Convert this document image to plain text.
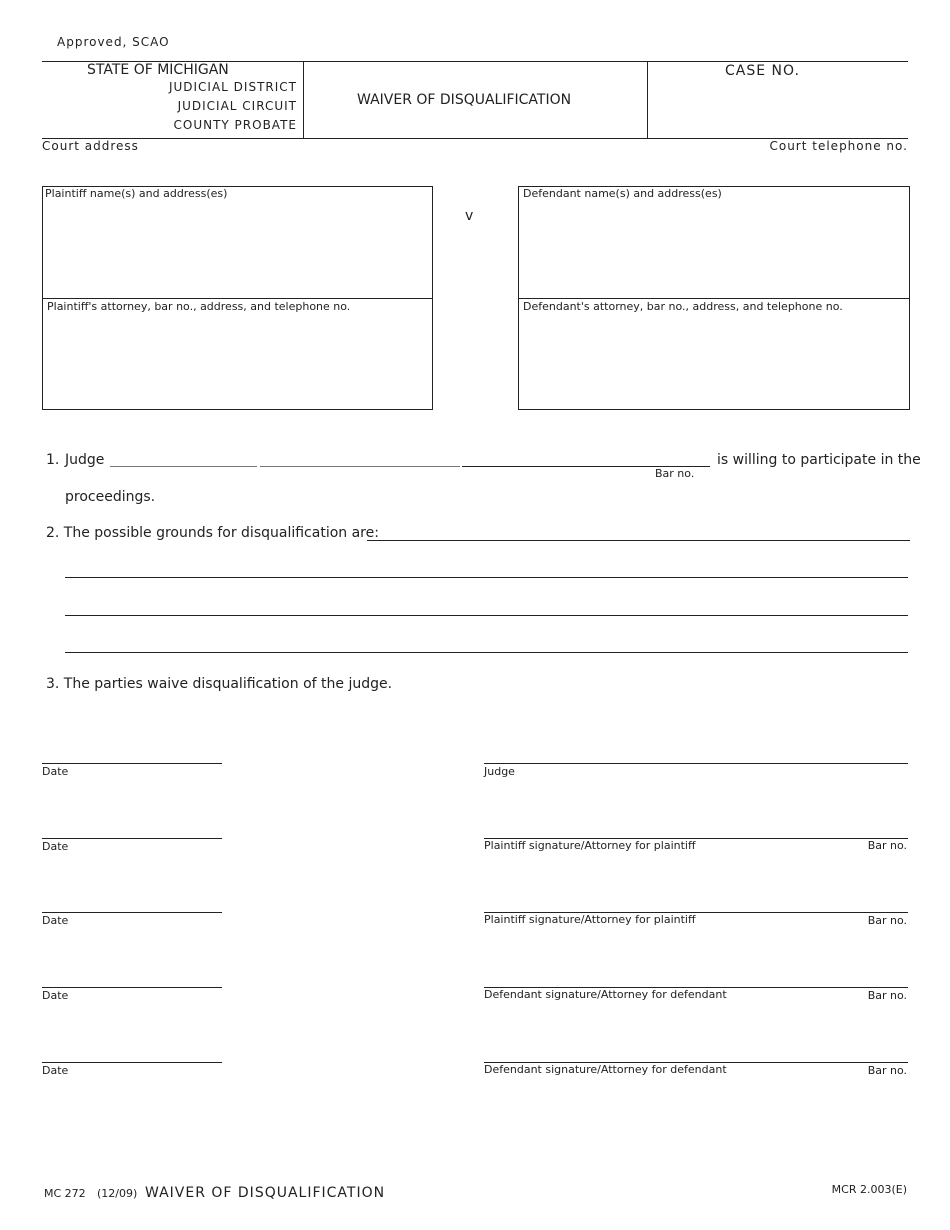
Approved, SCAO
STATE OF MICHIGAN
JUDICIAL DISTRICT
JUDICIAL CIRCUIT
COUNTY PROBATE
WAIVER OF DISQUALIFICATION
CASE NO.
Court address	Court telephone no.
Plaintiff name(s) and address(es)
Plaintiff's attorney, bar no., address, and telephone no.
v
Defendant name(s) and address(es)
Defendant's attorney, bar no., address, and telephone no.
1. Judge
Bar no.
is willing to participate in the
proceedings.
2. The possible grounds for disqualification are:
3. The parties waive disqualification of the judge.
Date	Judge
Date	Plaintiff signature/Attorney for plaintiff	Bar no.
Date	Plaintiff signature/Attorney for plaintiff	Bar no.
Date	Defendant signature/Attorney for defendant	Bar no.
Date	Defendant signature/Attorney for defendant	Bar no.
MC 272 (12/09) WAIVER OF DISQUALIFICATION	MCR 2.003(E)
